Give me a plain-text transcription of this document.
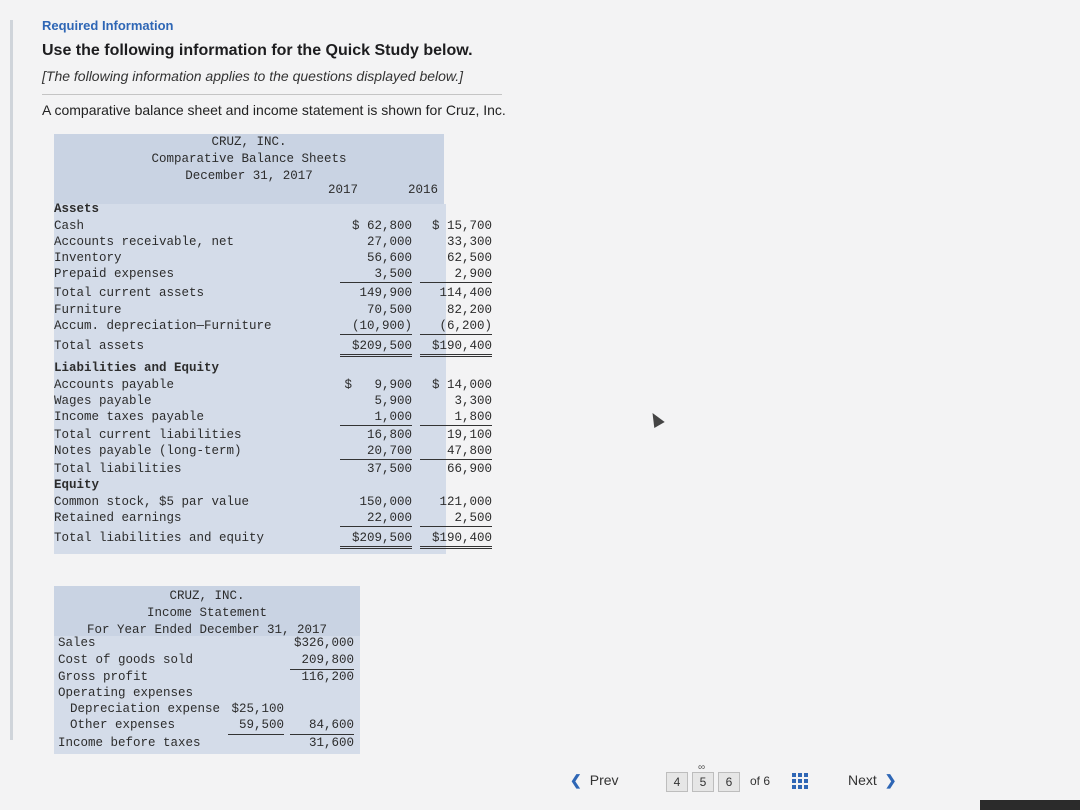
Required Information
Use the following information for the Quick Study below.
[The following information applies to the questions displayed below.]
A comparative balance sheet and income statement is shown for Cruz, Inc.
CRUZ, INC.
Comparative Balance Sheets
December 31, 2017
2017	2016
Assets
Cash	$ 62,800	$ 15,700
Accounts receivable, net	27,000	33,300
Inventory	56,600	62,500
Prepaid expenses	3,500	2,900
Total current assets	149,900	114,400
Furniture	70,500	82,200
Accum. depreciation—Furniture	(10,900)	(6,200)
Total assets	$209,500	$190,400
Liabilities and Equity
Accounts payable	$   9,900	$ 14,000
Wages payable	5,900	3,300
Income taxes payable	1,000	1,800
Total current liabilities	16,800	19,100
Notes payable (long-term)	20,700	47,800
Total liabilities	37,500	66,900
Equity
Common stock, $5 par value	150,000	121,000
Retained earnings	22,000	2,500
Total liabilities and equity	$209,500	$190,400
CRUZ, INC.
Income Statement
For Year Ended December 31, 2017
Sales	$326,000
Cost of goods sold	209,800
Gross profit	116,200
Operating expenses
Depreciation expense $25,100
Other expenses	59,500	84,600
Income before taxes	31,600
❮ Prev	4	5
∞
6	of 6	Next ❯
